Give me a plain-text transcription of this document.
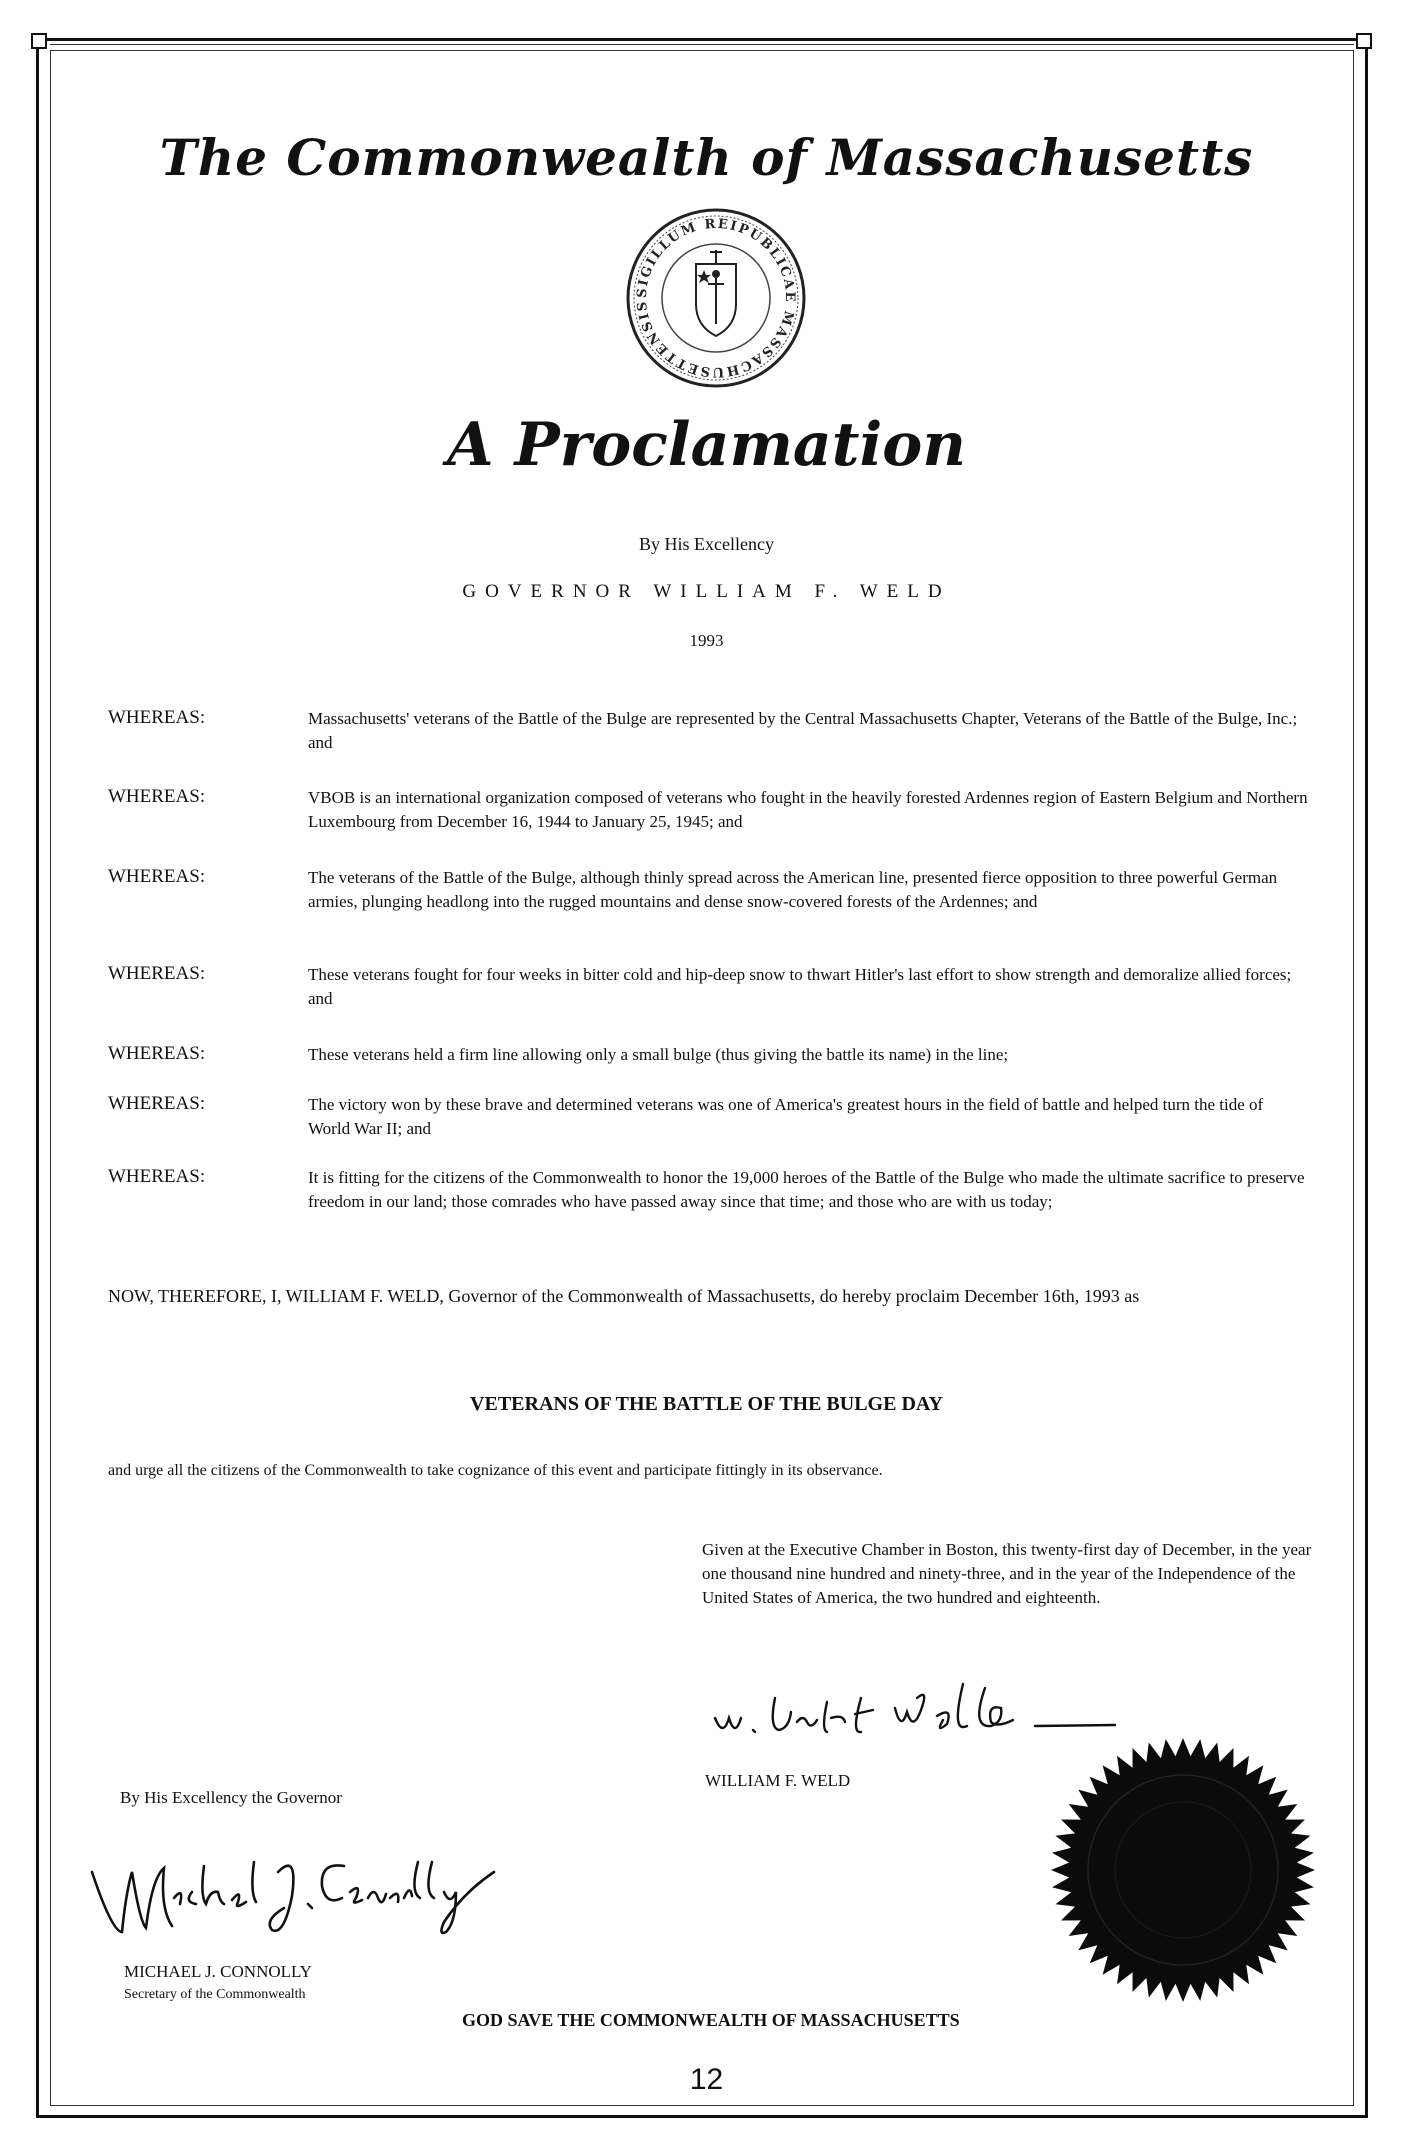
The Commonwealth of Massachusetts
SIGILLUM REIPUBLICAE MASSACHUSETTENSIS
A Proclamation
By His Excellency
GOVERNOR WILLIAM F. WELD
1993
WHEREAS:	Massachusetts' veterans of the Battle of the Bulge are represented by the Central Massachusetts Chapter, Veterans of the Battle of the Bulge, Inc.; and
WHEREAS:	VBOB is an international organization composed of veterans who fought in the heavily forested Ardennes region of Eastern Belgium and Northern Luxembourg from December 16, 1944 to January 25, 1945; and
WHEREAS:	The veterans of the Battle of the Bulge, although thinly spread across the American line, presented fierce opposition to three powerful German armies, plunging headlong into the rugged mountains and dense snow-covered forests of the Ardennes; and
WHEREAS:	These veterans fought for four weeks in bitter cold and hip-deep snow to thwart Hitler's last effort to show strength and demoralize allied forces; and
WHEREAS:	These veterans held a firm line allowing only a small bulge (thus giving the battle its name) in the line;
WHEREAS:	The victory won by these brave and determined veterans was one of America's greatest hours in the field of battle and helped turn the tide of World War II; and
WHEREAS:	It is fitting for the citizens of the Commonwealth to honor the 19,000 heroes of the Battle of the Bulge who made the ultimate sacrifice to preserve freedom in our land; those comrades who have passed away since that time; and those who are with us today;
NOW, THEREFORE, I, WILLIAM F. WELD, Governor of the Commonwealth of Massachusetts, do hereby proclaim December 16th, 1993 as
VETERANS OF THE BATTLE OF THE BULGE DAY
and urge all the citizens of the Commonwealth to take cognizance of this event and participate fittingly in its observance.
Given at the Executive Chamber in Boston, this twenty-first day of December, in the year one thousand nine hundred and ninety-three, and in the year of the Independence of the United States of America, the two hundred and eighteenth.
WILLIAM F. WELD
By His Excellency the Governor
MICHAEL J. CONNOLLY
Secretary of the Commonwealth
GOD SAVE THE COMMONWEALTH OF MASSACHUSETTS
12
